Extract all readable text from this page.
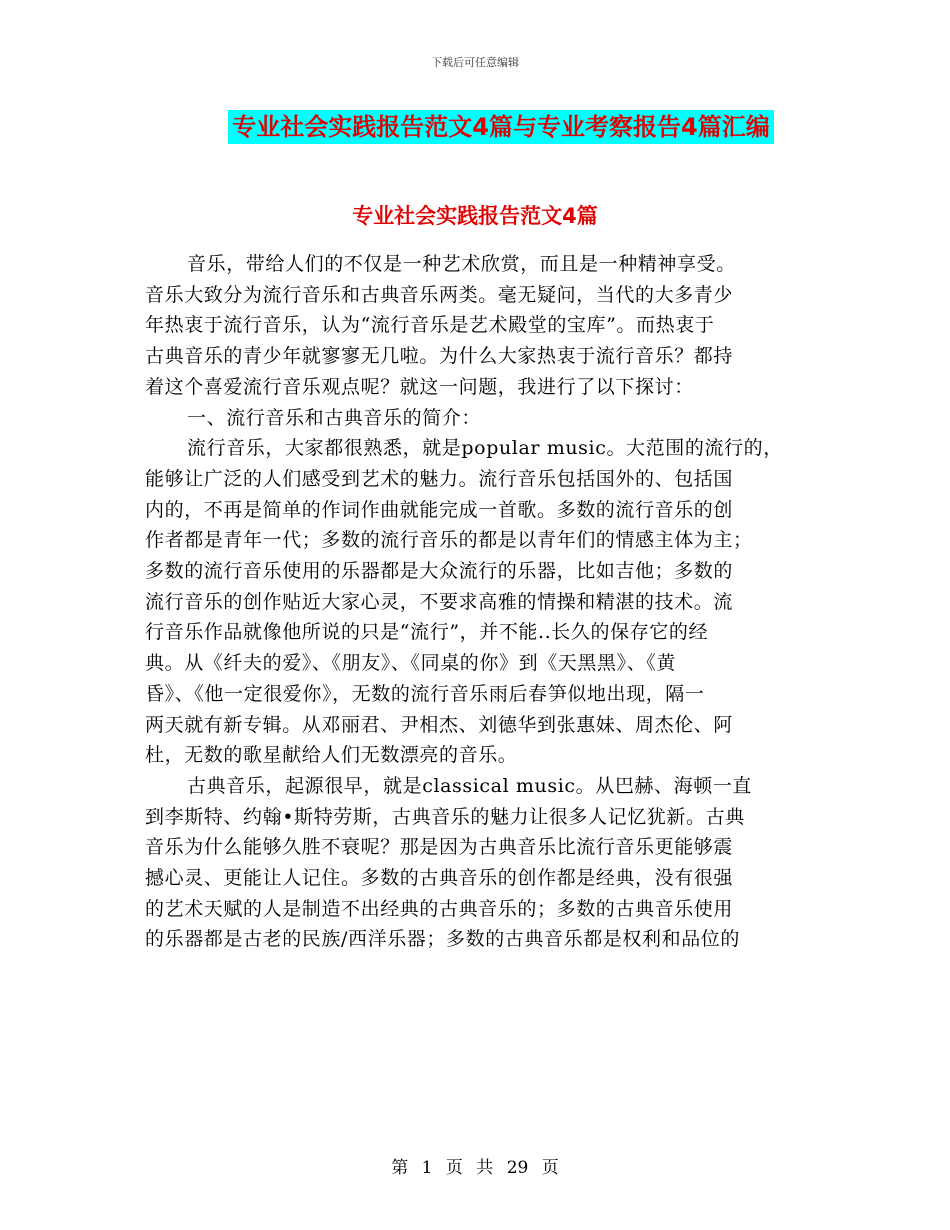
下载后可任意编辑
专业社会实践报告范文4篇与专业考察报告4篇汇编
专业社会实践报告范文4篇
音乐，带给人们的不仅是一种艺术欣赏，而且是一种精神享受。
音乐大致分为流行音乐和古典音乐两类。毫无疑问，当代的大多青少
年热衷于流行音乐，认为“流行音乐是艺术殿堂的宝库”。而热衷于
古典音乐的青少年就寥寥无几啦。为什么大家热衷于流行音乐？都持
着这个喜爱流行音乐观点呢？就这一问题，我进行了以下探讨：
一、流行音乐和古典音乐的简介：
流行音乐，大家都很熟悉，就是popular music。大范围的流行的，
能够让广泛的人们感受到艺术的魅力。流行音乐包括国外的、包括国
内的，不再是简单的作词作曲就能完成一首歌。多数的流行音乐的创
作者都是青年一代；多数的流行音乐的都是以青年们的情感主体为主；
多数的流行音乐使用的乐器都是大众流行的乐器，比如吉他；多数的
流行音乐的创作贴近大家心灵，不要求高雅的情操和精湛的技术。流
行音乐作品就像他所说的只是“流行”，并不能..长久的保存它的经
典。从《纤夫的爱》、《朋友》、《同桌的你》到《天黑黑》、《黄
昏》、《他一定很爱你》，无数的流行音乐雨后春笋似地出现，隔一
两天就有新专辑。从邓丽君、尹相杰、刘德华到张惠妹、周杰伦、阿
杜，无数的歌星献给人们无数漂亮的音乐。
古典音乐，起源很早，就是classical music。从巴赫、海顿一直
到李斯特、约翰•斯特劳斯，古典音乐的魅力让很多人记忆犹新。古典
音乐为什么能够久胜不衰呢？那是因为古典音乐比流行音乐更能够震
撼心灵、更能让人记住。多数的古典音乐的创作都是经典，没有很强
的艺术天赋的人是制造不出经典的古典音乐的；多数的古典音乐使用
的乐器都是古老的民族/西洋乐器；多数的古典音乐都是权利和品位的
第 1 页 共 29 页
